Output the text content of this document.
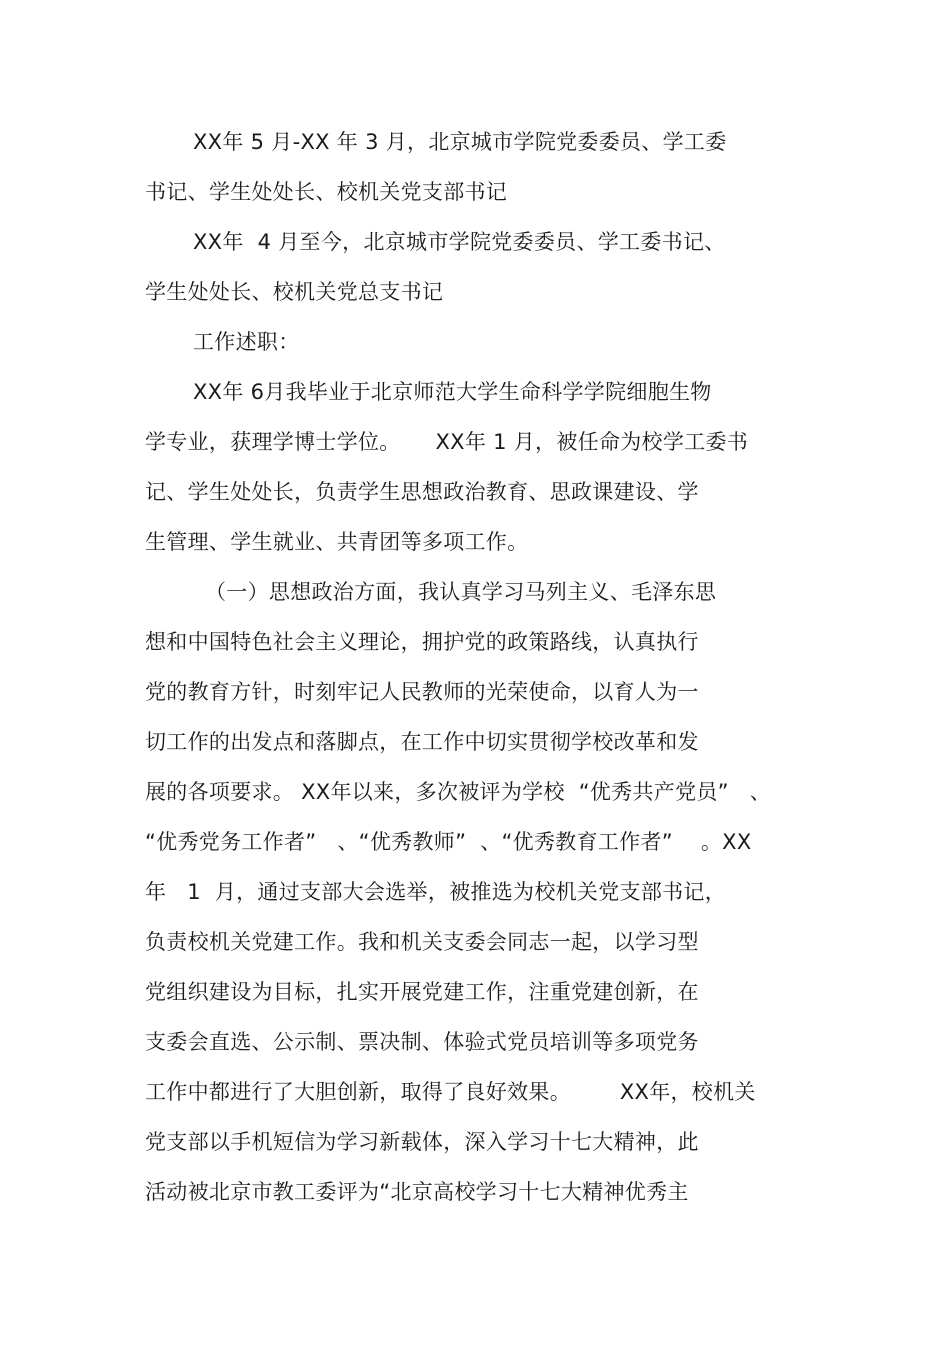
XX年 5 月-XX 年 3 月，北京城市学院党委委员、学工委

书记、学生处处长、校机关党支部书记

XX年  4 月至今，北京城市学院党委委员、学工委书记、

学生处处长、校机关党总支书记

工作述职：

XX年 6月我毕业于北京师范大学生命科学学院细胞生物

学专业，获理学博士学位。     XX年 1 月，被任命为校学工委书

记、学生处处长，负责学生思想政治教育、思政课建设、学

生管理、学生就业、共青团等多项工作。

（一）思想政治方面，我认真学习马列主义、毛泽东思

想和中国特色社会主义理论，拥护党的政策路线，认真执行

党的教育方针，时刻牢记人民教师的光荣使命，以育人为一

切工作的出发点和落脚点，在工作中切实贯彻学校改革和发

展的各项要求。 XX年以来，多次被评为学校  “优秀共产党员”   、

“优秀党务工作者”   、“优秀教师”  、“优秀教育工作者”    。XX

年   1  月，通过支部大会选举，被推选为校机关党支部书记，

负责校机关党建工作。我和机关支委会同志一起，以学习型

党组织建设为目标，扎实开展党建工作，注重党建创新，在

支委会直选、公示制、票决制、体验式党员培训等多项党务

工作中都进行了大胆创新，取得了良好效果。       XX年，校机关

党支部以手机短信为学习新载体，深入学习十七大精神，此

活动被北京市教工委评为“北京高校学习十七大精神优秀主
